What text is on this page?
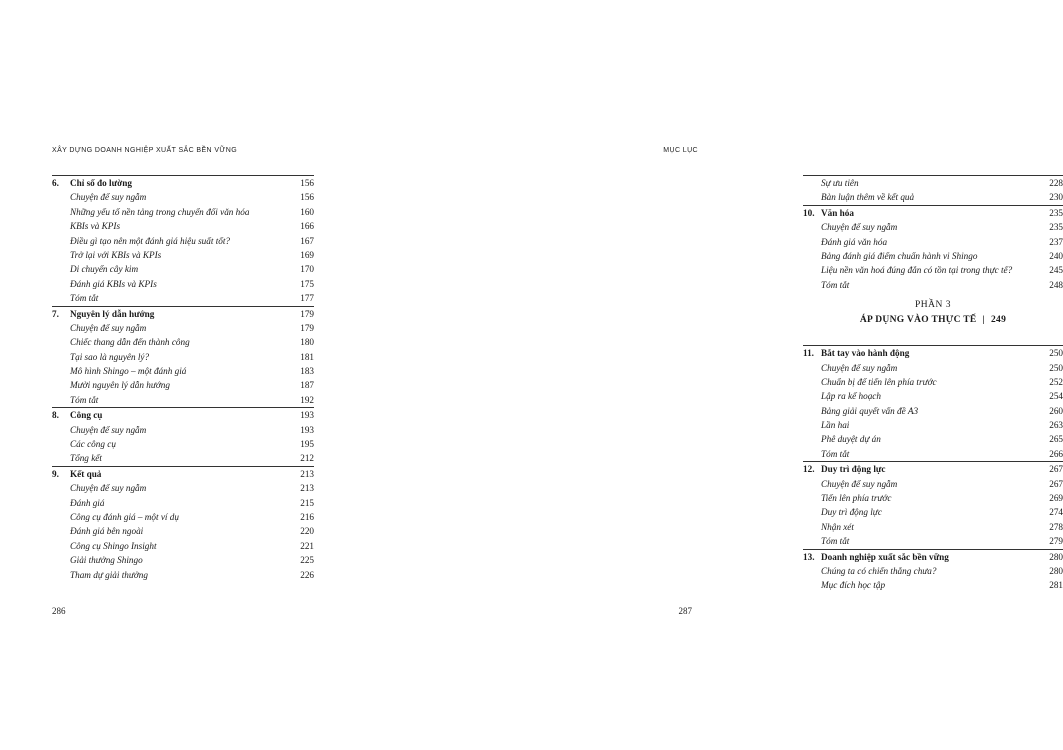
XÂY DỰNG DOANH NGHIỆP XUẤT SẮC BỀN VỮNG
6. Chỉ số đo lường	156
Chuyện để suy ngẫm	156
Những yếu tố nền tảng trong chuyển đổi văn hóa	160
KBIs và KPIs	166
Điều gì tạo nên một đánh giá hiệu suất tốt?	167
Trở lại với KBIs và KPIs	169
Di chuyển cây kim	170
Đánh giá KBIs và KPIs	175
Tóm tắt	177
7. Nguyên lý dẫn hướng	179
Chuyện để suy ngẫm	179
Chiếc thang dẫn đến thành công	180
Tại sao là nguyên lý?	181
Mô hình Shingo – một đánh giá	183
Mười nguyên lý dẫn hướng	187
Tóm tắt	192
8. Công cụ	193
Chuyện để suy ngẫm	193
Các công cụ	195
Tổng kết	212
9. Kết quả	213
Chuyện để suy ngẫm	213
Đánh giá	215
Công cụ đánh giá – một ví dụ	216
Đánh giá bên ngoài	220
Công cụ Shingo Insight	221
Giải thưởng Shingo	225
Tham dự giải thưởng	226
286
MỤC LỤC
Sự ưu tiên	228
Bàn luận thêm về kết quả	230
10. Văn hóa	235
Chuyện để suy ngẫm	235
Đánh giá văn hóa	237
Bảng đánh giá điểm chuẩn hành vi Shingo	240
Liệu nền văn hoá đúng đắn có tồn tại trong thực tế?	245
Tóm tắt	248
PHẦN 3
ÁP DỤNG VÀO THỰC TẾ | 249
11. Bắt tay vào hành động	250
Chuyện để suy ngẫm	250
Chuẩn bị để tiến lên phía trước	252
Lập ra kế hoạch	254
Bảng giải quyết vấn đề A3	260
Lần hai	263
Phê duyệt dự án	265
Tóm tắt	266
12. Duy trì động lực	267
Chuyện để suy ngẫm	267
Tiến lên phía trước	269
Duy trì động lực	274
Nhận xét	278
Tóm tắt	279
13. Doanh nghiệp xuất sắc bền vững	280
Chúng ta có chiến thắng chưa?	280
Mục đích học tập	281
287
